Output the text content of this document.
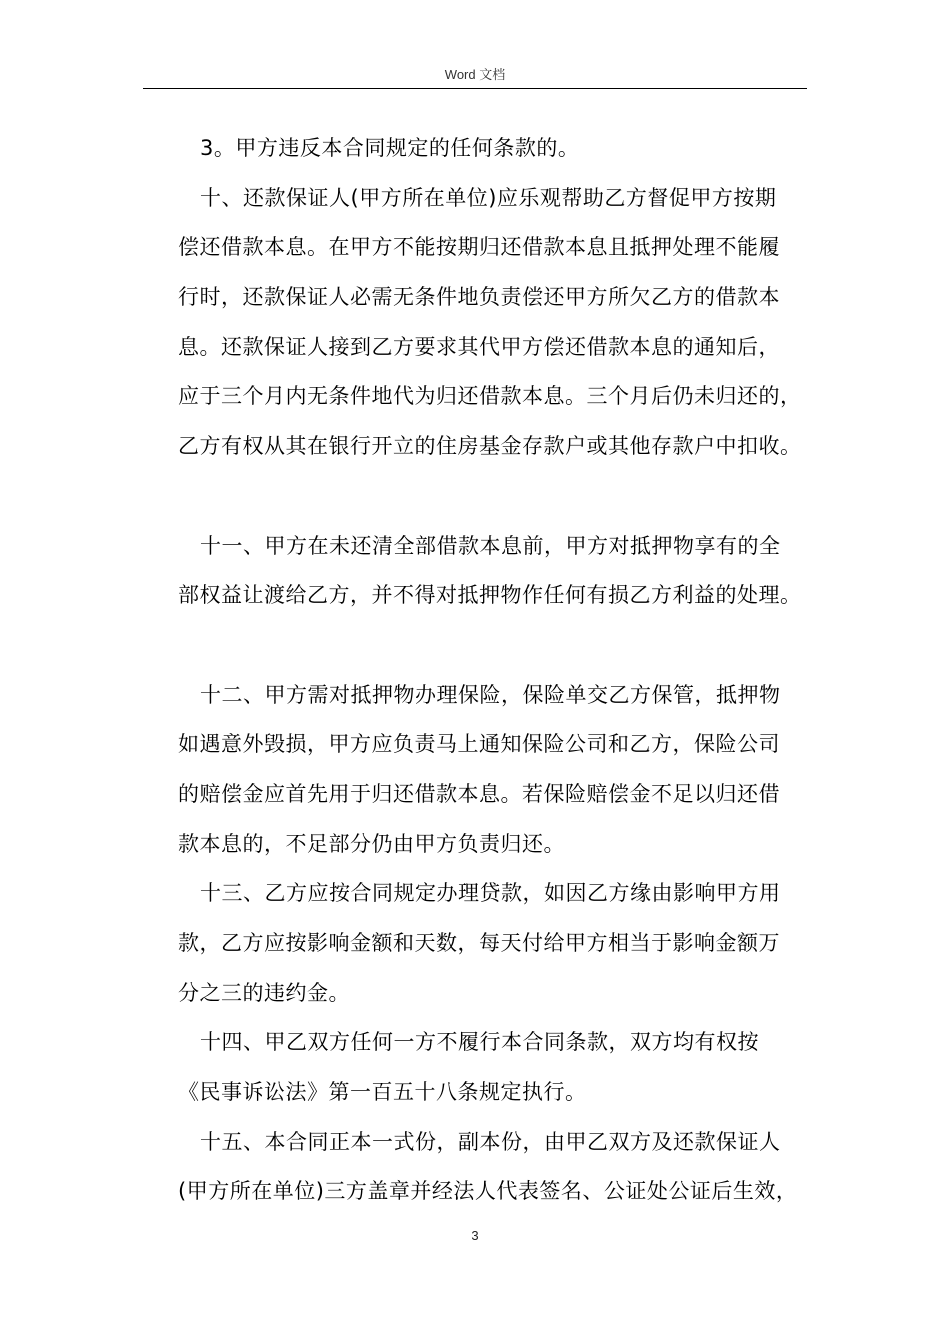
Word 文档
3。甲方违反本合同规定的任何条款的。
十、还款保证人(甲方所在单位)应乐观帮助乙方督促甲方按期
偿还借款本息。在甲方不能按期归还借款本息且抵押处理不能履
行时，还款保证人必需无条件地负责偿还甲方所欠乙方的借款本
息。还款保证人接到乙方要求其代甲方偿还借款本息的通知后，
应于三个月内无条件地代为归还借款本息。三个月后仍未归还的，
乙方有权从其在银行开立的住房基金存款户或其他存款户中扣收。
十一、甲方在未还清全部借款本息前，甲方对抵押物享有的全
部权益让渡给乙方，并不得对抵押物作任何有损乙方利益的处理。
十二、甲方需对抵押物办理保险，保险单交乙方保管，抵押物
如遇意外毁损，甲方应负责马上通知保险公司和乙方，保险公司
的赔偿金应首先用于归还借款本息。若保险赔偿金不足以归还借
款本息的，不足部分仍由甲方负责归还。
十三、乙方应按合同规定办理贷款，如因乙方缘由影响甲方用
款，乙方应按影响金额和天数，每天付给甲方相当于影响金额万
分之三的违约金。
十四、甲乙双方任何一方不履行本合同条款，双方均有权按
《民事诉讼法》第一百五十八条规定执行。
十五、本合同正本一式份，副本份，由甲乙双方及还款保证人
(甲方所在单位)三方盖章并经法人代表签名、公证处公证后生效，
3
